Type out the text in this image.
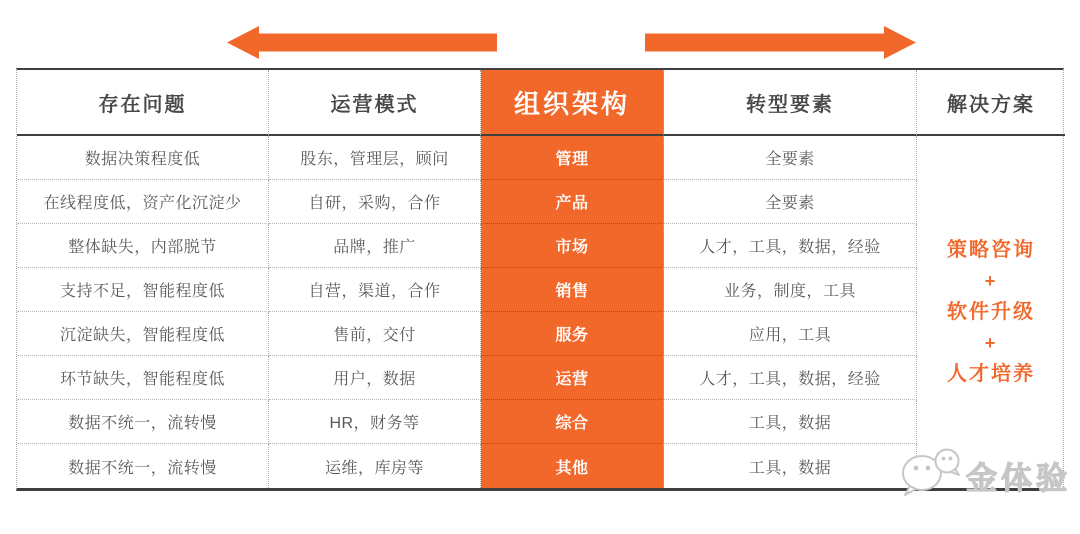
存在问题	运营模式	组织架构	转型要素	解决方案
策略咨询
+
软件升级
+
人才培养
数据决策程度低	股东，管理层，顾问	管理	全要素
在线程度低，资产化沉淀少	自研，采购，合作	产品	全要素
整体缺失，内部脱节	品牌，推广	市场	人才，工具，数据，经验
支持不足，智能程度低	自营，渠道，合作	销售	业务，制度，工具
沉淀缺失，智能程度低	售前，交付	服务	应用，工具
环节缺失，智能程度低	用户，数据	运营	人才，工具，数据，经验
数据不统一，流转慢	HR，财务等	综合	工具，数据
数据不统一，流转慢	运维，库房等	其他	工具，数据	金体验
